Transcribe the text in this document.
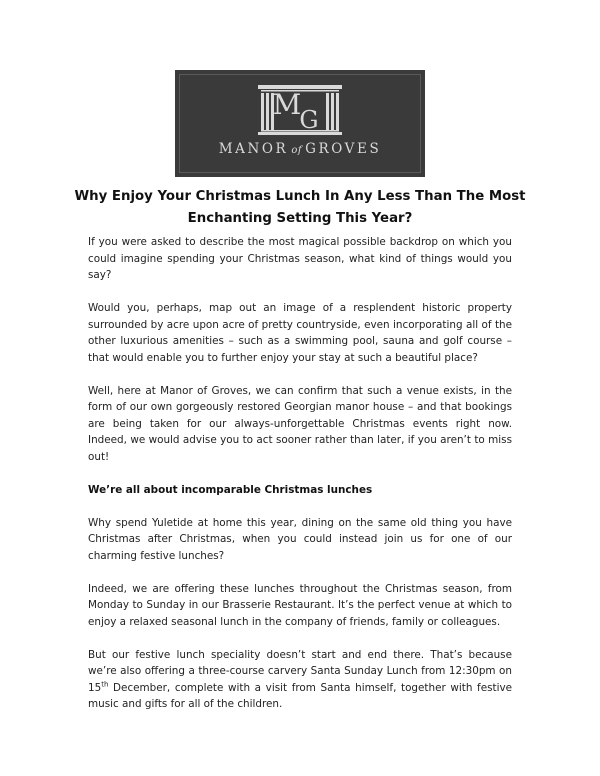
M
G
MANOR of GROVES
Why Enjoy Your Christmas Lunch In Any Less Than The Most Enchanting Setting This Year?

If you were asked to describe the most magical possible backdrop on which you could imagine spending your Christmas season, what kind of things would you say?

Would you, perhaps, map out an image of a resplendent historic property surrounded by acre upon acre of pretty countryside, even incorporating all of the other luxurious amenities – such as a swimming pool, sauna and golf course – that would enable you to further enjoy your stay at such a beautiful place?

Well, here at Manor of Groves, we can confirm that such a venue exists, in the form of our own gorgeously restored Georgian manor house – and that bookings are being taken for our always-unforgettable Christmas events right now. Indeed, we would advise you to act sooner rather than later, if you aren’t to miss out!

We’re all about incomparable Christmas lunches

Why spend Yuletide at home this year, dining on the same old thing you have Christmas after Christmas, when you could instead join us for one of our charming festive lunches?

Indeed, we are offering these lunches throughout the Christmas season, from Monday to Sunday in our Brasserie Restaurant. It’s the perfect venue at which to enjoy a relaxed seasonal lunch in the company of friends, family or colleagues.

But our festive lunch speciality doesn’t start and end there. That’s because we’re also offering a three-course carvery Santa Sunday Lunch from 12:30pm on 15th December, complete with a visit from Santa himself, together with festive music and gifts for all of the children.
